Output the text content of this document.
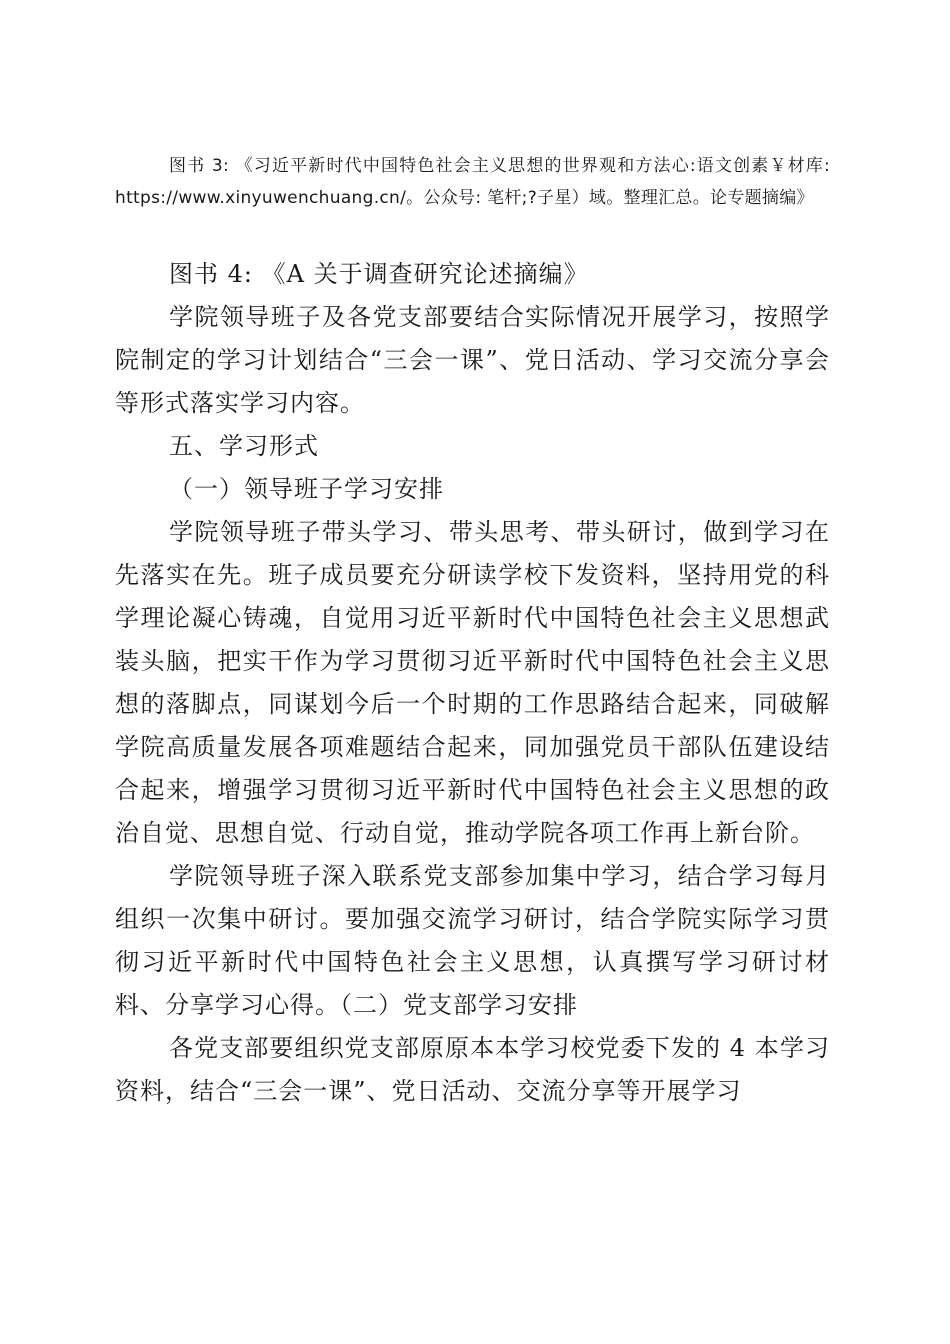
图书 3: 《习近平新时代中国特色社会主义思想的世界观和方法心:语文创素￥材库: https://www.xinyuwenchuang.cn/。公众号: 笔杆;?子星）域。整理汇总。论专题摘编》

图书 4: 《A 关于调查研究论述摘编》

学院领导班子及各党支部要结合实际情况开展学习，按照学院制定的学习计划结合“三会一课”、党日活动、学习交流分享会等形式落实学习内容。

五、学习形式

（一）领导班子学习安排

学院领导班子带头学习、带头思考、带头研讨，做到学习在先落实在先。班子成员要充分研读学校下发资料，坚持用党的科学理论凝心铸魂，自觉用习近平新时代中国特色社会主义思想武装头脑，把实干作为学习贯彻习近平新时代中国特色社会主义思想的落脚点，同谋划今后一个时期的工作思路结合起来，同破解学院高质量发展各项难题结合起来，同加强党员干部队伍建设结合起来，增强学习贯彻习近平新时代中国特色社会主义思想的政治自觉、思想自觉、行动自觉，推动学院各项工作再上新台阶。

学院领导班子深入联系党支部参加集中学习，结合学习每月组织一次集中研讨。要加强交流学习研讨，结合学院实际学习贯彻习近平新时代中国特色社会主义思想，认真撰写学习研讨材料、分享学习心得。（二）党支部学习安排

各党支部要组织党支部原原本本学习校党委下发的 4 本学习资料，结合“三会一课”、党日活动、交流分享等开展学习
